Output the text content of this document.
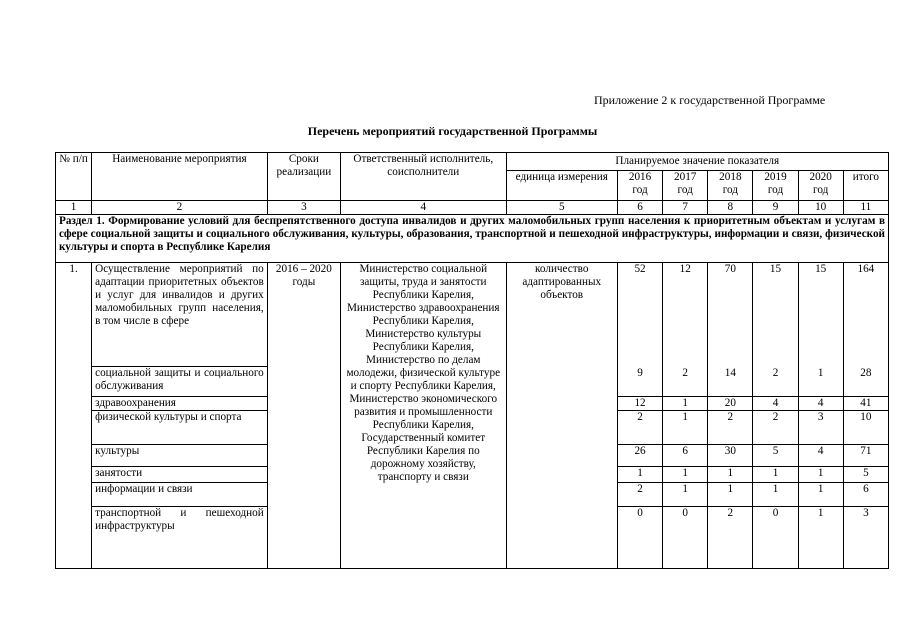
Приложение 2 к государственной Программе
Перечень мероприятий государственной Программы
№ п/п	Наименование мероприятия	Сроки реализации	Ответственный исполнитель, соисполнители	Планируемое значение показателя						
				единица измерения	2016 год	2017 год	2018 год	2019 год	2020 год	итого
1	2	3	4	5	6	7	8	9	10	11
Раздел 1. Формирование условий для беспрепятственного доступа инвалидов и других маломобильных групп населения к приоритетным объектам и услугам в сфере социальной защиты и социального обслуживания, культуры, образования, транспортной и пешеходной инфраструктуры, информации и связи, физической культуры и спорта в Республике Карелия										
1.	Осуществление мероприятий по адаптации приоритетных объектов и услуг для инвалидов и других маломобильных групп населения, в том числе в сфере	2016 – 2020 годы	Министерство социальной защиты, труда и занятости Республики Карелия, Министерство здравоохранения Республики Карелия, Министерство культуры Республики Карелия, Министерство по делам молодежи, физической культуре и спорту Республики Карелия, Министерство экономического развития и промышленности Республики Карелия, Государственный комитет Республики Карелия по дорожному хозяйству, транспорту и связи	количество адаптированных объектов	52	12	70	15	15	164
	социальной защиты и социального обслуживания				9	2	14	2	1	28
	здравоохранения				12	1	20	4	4	41
	физической культуры и спорта				2	1	2	2	3	10
	культуры				26	6	30	5	4	71
	занятости				1	1	1	1	1	5
	информации и связи				2	1	1	1	1	6
	транспортной и пешеходной инфраструктуры				0	0	2	0	1	3
